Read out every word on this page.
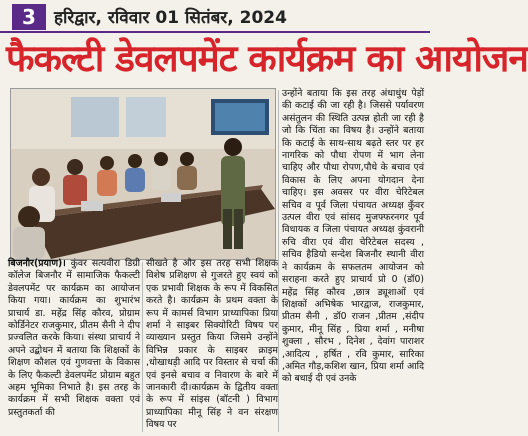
3	हरिद्वार, रविवार 01 सितंबर, 2024
फैकल्टी डेवलपमेंट कार्यक्रम का आयोजन

बिजनौर(प्रयाण)। कुंवर सत्यवीरा डिग्री कॉलेज बिजनौर में सामाजिक फैकल्टी डेवलपमेंट पर कार्यक्रम का आयोजन किया गया। कार्यक्रम का शुभारंभ प्राचार्य डा. महेंद्र सिंह कौरव, प्रोग्राम कोर्डिनेटर राजकुमार, प्रीतम सैनी ने दीप प्रज्वलित करके किया। संस्था प्राचार्य ने अपने उद्बोधन में बताया कि शिक्षकों के शिक्षण कौशल एवं गुणवत्ता के विकास के लिए फैकल्टी डेवलपमेंट प्रोग्राम बहुत अहम भूमिका निभाते है। इस तरह के कार्यक्रम में सभी शिक्षक वक्ता एवं प्रस्तुतकर्ता की

सीखते है और इस तरह सभी शिक्षक विशेष प्रशिक्षण से गुजरते हुए स्वयं को एक प्रभावी शिक्षक के रूप में विकसित करते है। कार्यक्रम के प्रथम वक्ता के रूप में कामर्स विभाग प्राध्यापिका प्रिया शर्मा ने साइबर सिक्योरिटी विषय पर व्याख्यान प्रस्तुत किया जिसमे उन्होंने विभिन्न प्रकार के साइबर क्राइम ,धोखाधड़ी आदि पर विस्तार से चर्चा की एवं इनसे बचाव व निवारण के बारे में जानकारी दी।कार्यक्रम के द्वितीय वक्ता के रूप में सांइस (बॉटनी ) विभाग प्राध्यापिका मीनू सिंह ने वन संरक्षण विषय पर

उन्होंने बताया कि इस तरह अंधाधुंध पेड़ों की कटाई की जा रही है। जिससे पर्यावरण असंतुलन की स्थिति उत्पन्न होती जा रही है जो कि चिंता का विषय है। उन्होंने बताया कि कटाई के साथ-साथ बढ़ते स्तर पर हर नागरिक को पौधा रोपण में भाग लेना चाहिए और पौधा रोपण,पौधे के बचाव एवं विकास के लिए अपना योगदान देना चाहिए। इस अवसर पर वीरा चेरिटेबल सचिव व पूर्व जिला पंचायत अध्यक्ष कुँवर उत्पल वीरा एवं सांसद मुजफ्फरनगर पूर्व विधायक व जिला पंचायत अध्यक्ष कुंवरानी रुचि वीरा एवं वीरा चेरिटेबल सदस्य , सचिव हैडियो सन्देश बिजनौर स्थानी वीरा ने कार्यक्रम के सफलतम आयोजन को सराहना करते हुए प्राचार्य प्रो 0 (डॉ0) महेंद्र सिंह कौरव ,छात्र ड्यूशाओं एवं शिक्षकों अभिषेक भारद्वाज, राजकुमार, प्रीतम सैनी , डॉ0 राजन ,प्रीतम ,संदीप कुमार, मीनू सिंह , प्रिया शर्मा , मनीषा शुक्ला , सौरभ , दिनेश , देवांग पाराशर ,आदित्य , हर्षित , रवि कुमार, सारिका ,अमित गौड़,कशिश खान, प्रिया शर्मा आदि को बधाई दी एवं उनके
